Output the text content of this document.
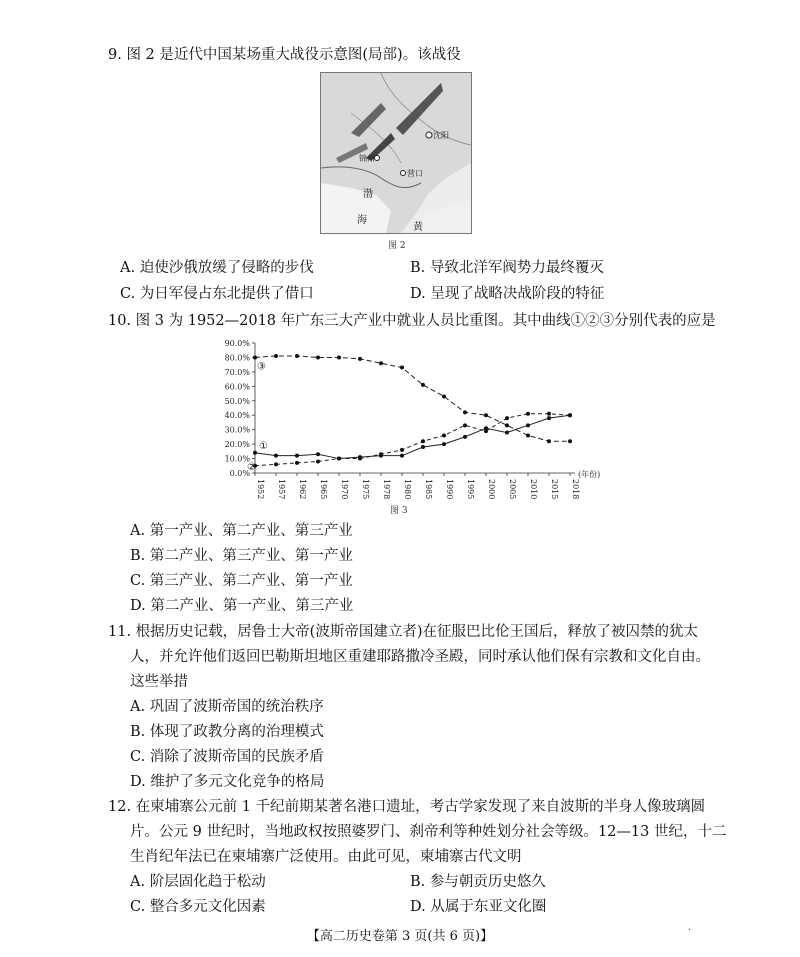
9. 图 2 是近代中国某场重大战役示意图(局部)。该战役
沈阳
锦州
营口
渤
海
黄
图 2
A. 迫使沙俄放缓了侵略的步伐	B. 导致北洋军阀势力最终覆灭
C. 为日军侵占东北提供了借口	D. 呈现了战略决战阶段的特征
10. 图 3 为 1952—2018 年广东三大产业中就业人员比重图。其中曲线①②③分别代表的应是
0.0%
10.0%
20.0%
30.0%
40.0%
50.0%
60.0%
70.0%
80.0%
90.0%
1952 1957 1962 1965 1970 1975 1978 1980 1985 1990 1995 2000 2005 2010 2015 2018
(年份)
①
②
③
图 3
A. 第一产业、第二产业、第三产业
B. 第二产业、第三产业、第一产业
C. 第三产业、第二产业、第一产业
D. 第二产业、第一产业、第三产业
11. 根据历史记载，居鲁士大帝(波斯帝国建立者)在征服巴比伦王国后，释放了被囚禁的犹太
人，并允许他们返回巴勒斯坦地区重建耶路撒冷圣殿，同时承认他们保有宗教和文化自由。
这些举措
A. 巩固了波斯帝国的统治秩序
B. 体现了政教分离的治理模式
C. 消除了波斯帝国的民族矛盾
D. 维护了多元文化竞争的格局
12. 在柬埔寨公元前 1 千纪前期某著名港口遗址，考古学家发现了来自波斯的半身人像玻璃圆
片。公元 9 世纪时，当地政权按照婆罗门、刹帝利等种姓划分社会等级。12—13 世纪，十二
生肖纪年法已在柬埔寨广泛使用。由此可见，柬埔寨古代文明
A. 阶层固化趋于松动	B. 参与朝贡历史悠久
C. 整合多元文化因素	D. 从属于东亚文化圈
【高二历史卷第 3 页(共 6 页)】	·
